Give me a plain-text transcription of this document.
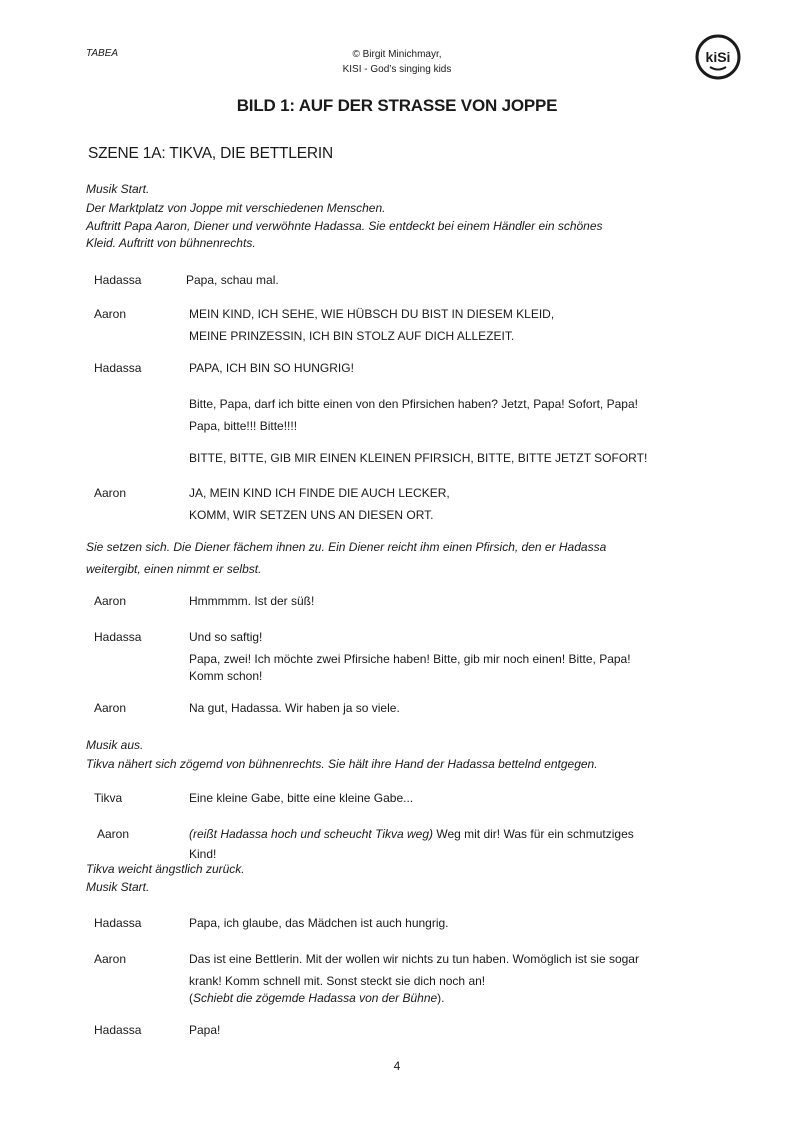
TABEA	© Birgit Minichmayr,
KISI - God’s singing kids
kiSi
BILD 1: AUF DER STRASSE VON JOPPE
SZENE 1A: TIKVA, DIE BETTLERIN
Musik Start.
Der Marktplatz von Joppe mit verschiedenen Menschen.
Auftritt Papa Aaron, Diener und verwöhnte Hadassa. Sie entdeckt bei einem Händler ein schönes
Kleid. Auftritt von bühnenrechts.
Hadassa	Papa, schau mal.
Aaron	MEIN KIND, ICH SEHE, WIE HÜBSCH DU BIST IN DIESEM KLEID,
MEINE PRINZESSIN, ICH BIN STOLZ AUF DICH ALLEZEIT.
Hadassa	PAPA, ICH BIN SO HUNGRIG!
Bitte, Papa, darf ich bitte einen von den Pfirsichen haben? Jetzt, Papa! Sofort, Papa!
Papa, bitte!!! Bitte!!!!
BITTE, BITTE, GIB MIR EINEN KLEINEN PFIRSICH, BITTE, BITTE JETZT SOFORT!
Aaron	JA, MEIN KIND ICH FINDE DIE AUCH LECKER,
KOMM, WIR SETZEN UNS AN DIESEN ORT.
Sie setzen sich. Die Diener fächem ihnen zu. Ein Diener reicht ihm einen Pfirsich, den er Hadassa
weitergibt, einen nimmt er selbst.
Aaron	Hmmmmm. Ist der süß!
Hadassa	Und so saftig!
Papa, zwei! Ich möchte zwei Pfirsiche haben! Bitte, gib mir noch einen! Bitte, Papa!
Komm schon!
Aaron	Na gut, Hadassa. Wir haben ja so viele.
Musik aus.
Tikva nähert sich zögemd von bühnenrechts. Sie hält ihre Hand der Hadassa bettelnd entgegen.
Tikva	Eine kleine Gabe, bitte eine kleine Gabe...
Aaron	(reißt Hadassa hoch und scheucht Tikva weg) Weg mit dir! Was für ein schmutziges
Kind!
Tikva weicht ängstlich zurück.
Musik Start.
Hadassa	Papa, ich glaube, das Mädchen ist auch hungrig.
Aaron	Das ist eine Bettlerin. Mit der wollen wir nichts zu tun haben. Womöglich ist sie sogar
krank! Komm schnell mit. Sonst steckt sie dich noch an!
(Schiebt die zögemde Hadassa von der Bühne).
Hadassa	Papa!
4
